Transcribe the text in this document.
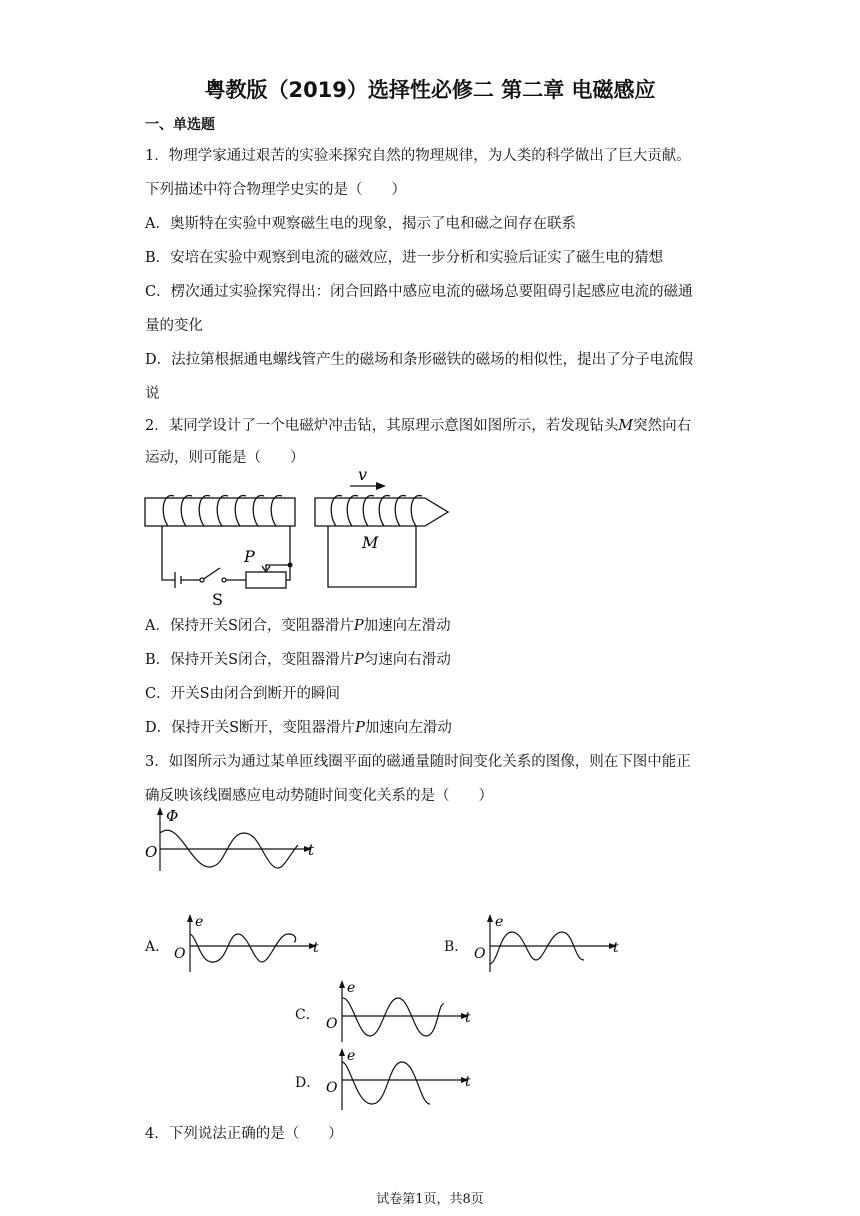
粤教版（2019）选择性必修二 第二章 电磁感应
一、单选题
1．物理学家通过艰苦的实验来探究自然的物理规律，为人类的科学做出了巨大贡献。
下列描述中符合物理学史实的是（　　）
A．奥斯特在实验中观察磁生电的现象，揭示了电和磁之间存在联系
B．安培在实验中观察到电流的磁效应，进一步分析和实验后证实了磁生电的猜想
C．楞次通过实验探究得出：闭合回路中感应电流的磁场总要阻碍引起感应电流的磁通
量的变化
D．法拉第根据通电螺线管产生的磁场和条形磁铁的磁场的相似性，提出了分子电流假
说
2．某同学设计了一个电磁炉冲击钻，其原理示意图如图所示，若发现钻头M突然向右
运动，则可能是（　　）
v
M
P
S
A．保持开关S闭合，变阻器滑片P加速向左滑动
B．保持开关S闭合，变阻器滑片P匀速向右滑动
C．开关S由闭合到断开的瞬间
D．保持开关S断开，变阻器滑片P加速向左滑动
3．如图所示为通过某单匝线圈平面的磁通量随时间变化关系的图像，则在下图中能正
确反映该线圈感应电动势随时间变化关系的是（　　）
Φ
t
O
A．
e
t
O	B．
e
t
O
C．
e
t
O
D．
e
t
O
4．下列说法正确的是（　　）
试卷第1页，共8页
